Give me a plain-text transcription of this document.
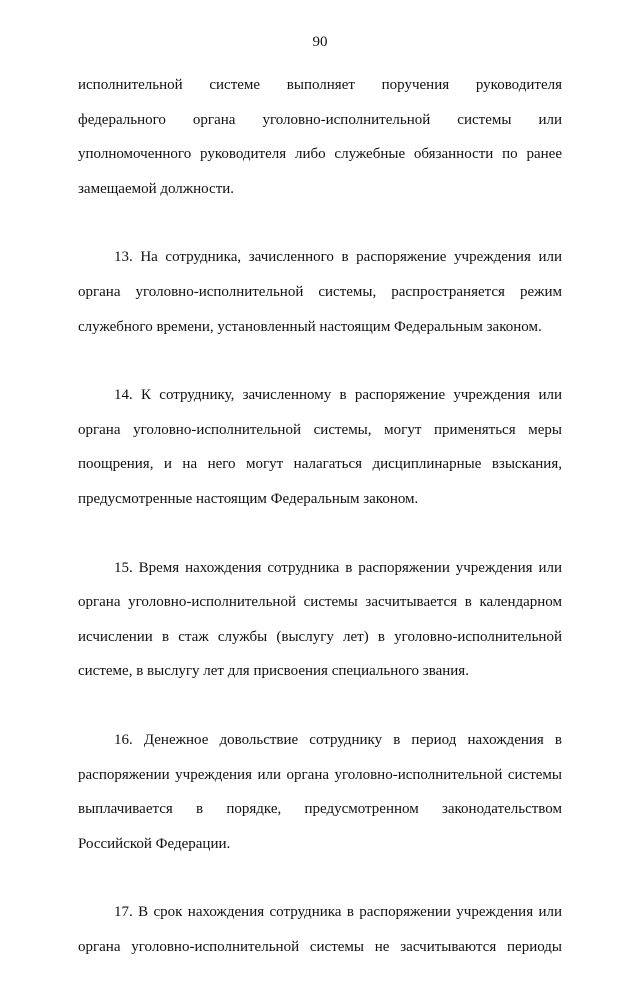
90

исполнительной системе выполняет поручения руководителя
федерального органа уголовно-исполнительной системы или
уполномоченного руководителя либо служебные обязанности по ранее
замещаемой должности.

13. На сотрудника, зачисленного в распоряжение учреждения или
органа уголовно-исполнительной системы, распространяется режим
служебного времени, установленный настоящим Федеральным законом.

14. К сотруднику, зачисленному в распоряжение учреждения или
органа уголовно-исполнительной системы, могут применяться меры
поощрения, и на него могут налагаться дисциплинарные взыскания,
предусмотренные настоящим Федеральным законом.

15. Время нахождения сотрудника в распоряжении учреждения или
органа уголовно-исполнительной системы засчитывается в календарном
исчислении в стаж службы (выслугу лет) в уголовно-исполнительной
системе, в выслугу лет для присвоения специального звания.

16. Денежное довольствие сотруднику в период нахождения в
распоряжении учреждения или органа уголовно-исполнительной системы
выплачивается в порядке, предусмотренном законодательством
Российской Федерации.

17. В срок нахождения сотрудника в распоряжении учреждения или
органа уголовно-исполнительной системы не засчитываются периоды
